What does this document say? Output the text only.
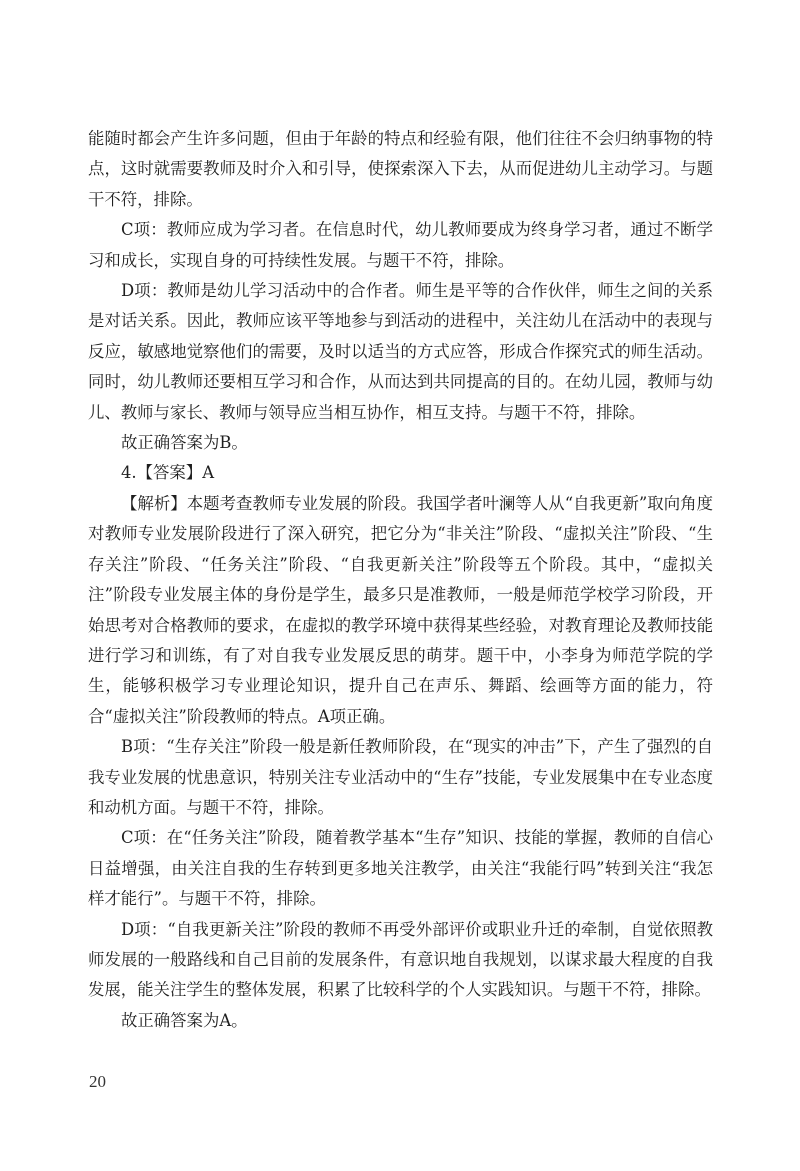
能随时都会产生许多问题，但由于年龄的特点和经验有限，他们往往不会归纳事物的特点，这时就需要教师及时介入和引导，使探索深入下去，从而促进幼儿主动学习。与题干不符，排除。

C项：教师应成为学习者。在信息时代，幼儿教师要成为终身学习者，通过不断学习和成长，实现自身的可持续性发展。与题干不符，排除。

D项：教师是幼儿学习活动中的合作者。师生是平等的合作伙伴，师生之间的关系是对话关系。因此，教师应该平等地参与到活动的进程中，关注幼儿在活动中的表现与反应，敏感地觉察他们的需要，及时以适当的方式应答，形成合作探究式的师生活动。同时，幼儿教师还要相互学习和合作，从而达到共同提高的目的。在幼儿园，教师与幼儿、教师与家长、教师与领导应当相互协作，相互支持。与题干不符，排除。

故正确答案为B。

4.【答案】A

【解析】本题考查教师专业发展的阶段。我国学者叶澜等人从“自我更新”取向角度对教师专业发展阶段进行了深入研究，把它分为“非关注”阶段、“虚拟关注”阶段、“生存关注”阶段、“任务关注”阶段、“自我更新关注”阶段等五个阶段。其中，“虚拟关注”阶段专业发展主体的身份是学生，最多只是准教师，一般是师范学校学习阶段，开始思考对合格教师的要求，在虚拟的教学环境中获得某些经验，对教育理论及教师技能进行学习和训练，有了对自我专业发展反思的萌芽。题干中，小李身为师范学院的学生，能够积极学习专业理论知识，提升自己在声乐、舞蹈、绘画等方面的能力，符合“虚拟关注”阶段教师的特点。A项正确。

B项：“生存关注”阶段一般是新任教师阶段，在“现实的冲击”下，产生了强烈的自我专业发展的忧患意识，特别关注专业活动中的“生存”技能，专业发展集中在专业态度和动机方面。与题干不符，排除。

C项：在“任务关注”阶段，随着教学基本“生存”知识、技能的掌握，教师的自信心日益增强，由关注自我的生存转到更多地关注教学，由关注“我能行吗”转到关注“我怎样才能行”。与题干不符，排除。

D项：“自我更新关注”阶段的教师不再受外部评价或职业升迁的牵制，自觉依照教师发展的一般路线和自己目前的发展条件，有意识地自我规划，以谋求最大程度的自我发展，能关注学生的整体发展，积累了比较科学的个人实践知识。与题干不符，排除。

故正确答案为A。

20
